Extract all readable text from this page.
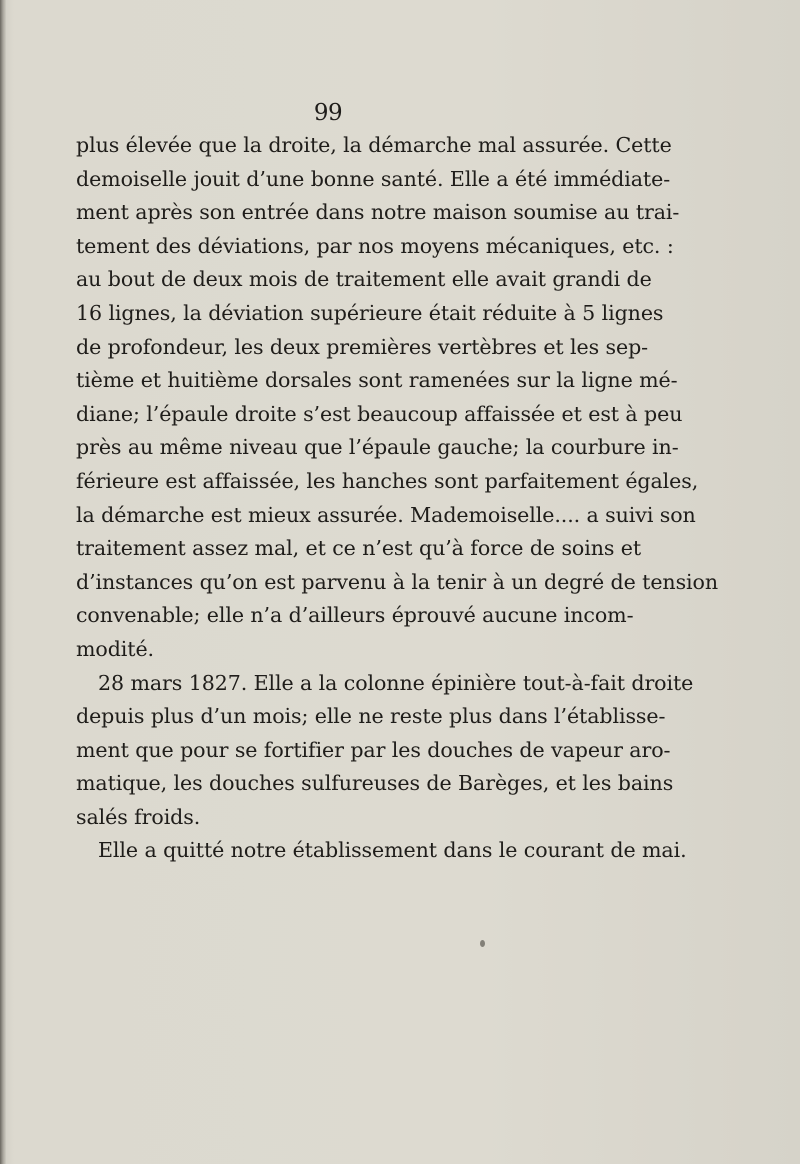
99
plus élevée que la droite, la démarche mal assurée. Cette
demoiselle jouit d’une bonne santé. Elle a été immédiate-
ment après son entrée dans notre maison soumise au trai-
tement des déviations, par nos moyens mécaniques, etc. :
au bout de deux mois de traitement elle avait grandi de
16 lignes, la déviation supérieure était réduite à 5 lignes
de profondeur, les deux premières vertèbres et les sep-
tième et huitième dorsales sont ramenées sur la ligne mé-
diane; l’épaule droite s’est beaucoup affaissée et est à peu
près au même niveau que l’épaule gauche; la courbure in-
férieure est affaissée, les hanches sont parfaitement égales,
la démarche est mieux assurée. Mademoiselle.... a suivi son
traitement assez mal, et ce n’est qu’à force de soins et
d’instances qu’on est parvenu à la tenir à un degré de tension
convenable; elle n’a d’ailleurs éprouvé aucune incom-
modité.
28 mars 1827. Elle a la colonne épinière tout-à-fait droite
depuis plus d’un mois; elle ne reste plus dans l’établisse-
ment que pour se fortifier par les douches de vapeur aro-
matique, les douches sulfureuses de Barèges, et les bains
salés froids.
Elle a quitté notre établissement dans le courant de mai.
